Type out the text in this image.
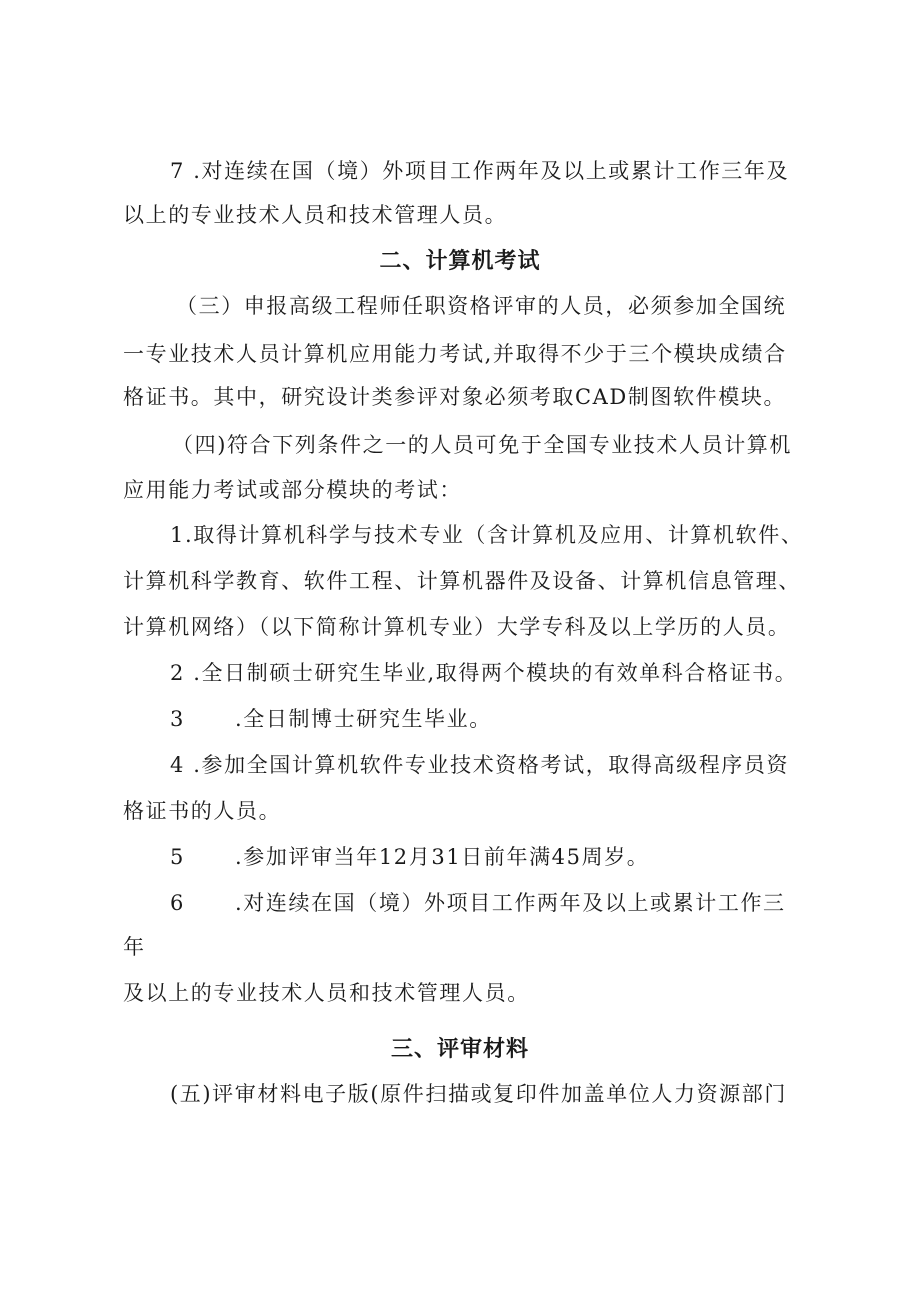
7 .对连续在国（境）外项目工作两年及以上或累计工作三年及
以上的专业技术人员和技术管理人员。
二、计算机考试
（三）申报高级工程师任职资格评审的人员，必须参加全国统
一专业技术人员计算机应用能力考试,并取得不少于三个模块成绩合
格证书。其中，研究设计类参评对象必须考取CAD制图软件模块。
（四)符合下列条件之一的人员可免于全国专业技术人员计算机
应用能力考试或部分模块的考试：
1.取得计算机科学与技术专业（含计算机及应用、计算机软件、
计算机科学教育、软件工程、计算机器件及设备、计算机信息管理、
计算机网络）（以下简称计算机专业）大学专科及以上学历的人员。
2 .全日制硕士研究生毕业,取得两个模块的有效单科合格证书。
3 .全日制博士研究生毕业。
4 .参加全国计算机软件专业技术资格考试，取得高级程序员资
格证书的人员。
5 .参加评审当年12月31日前年满45周岁。
6 .对连续在国（境）外项目工作两年及以上或累计工作三
年
及以上的专业技术人员和技术管理人员。
三、评审材料
(五)评审材料电子版(原件扫描或复印件加盖单位人力资源部门
